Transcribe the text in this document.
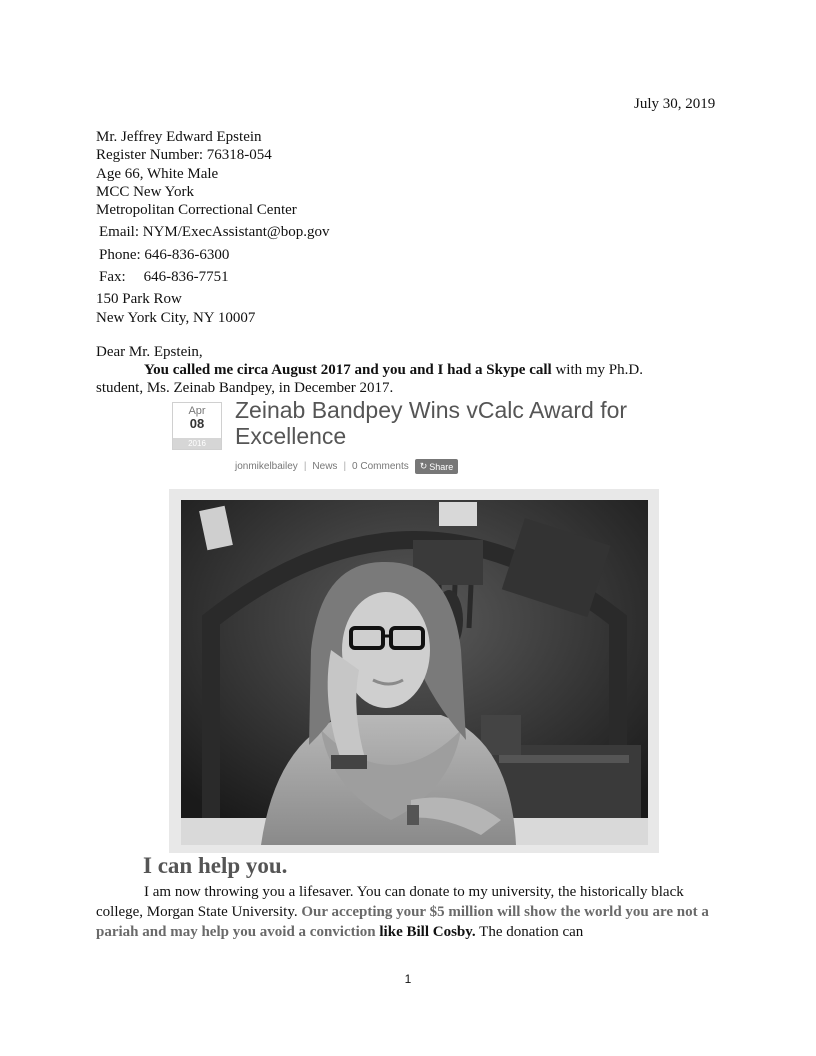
July 30, 2019
Mr. Jeffrey Edward Epstein
Register Number: 76318-054
Age 66, White Male
MCC New York
Metropolitan Correctional Center
Email: NYM/ExecAssistant@bop.gov
Phone: 646-836-6300
Fax: 646-836-7751
150 Park Row
New York City, NY 10007
Dear Mr. Epstein,
You called me circa August 2017 and you and I had a Skype call with my Ph.D.
student, Ms. Zeinab Bandpey, in December 2017.
Apr
08
2016
Zeinab Bandpey Wins vCalc Award for Excellence
jonmikelbailey | News | 0 Comments ↻ Share
I can help you.
I am now throwing you a lifesaver. You can donate to my university, the historically black college, Morgan State University. Our accepting your $5 million will show the world you are not a pariah and may help you avoid a conviction like Bill Cosby. The donation can
1
